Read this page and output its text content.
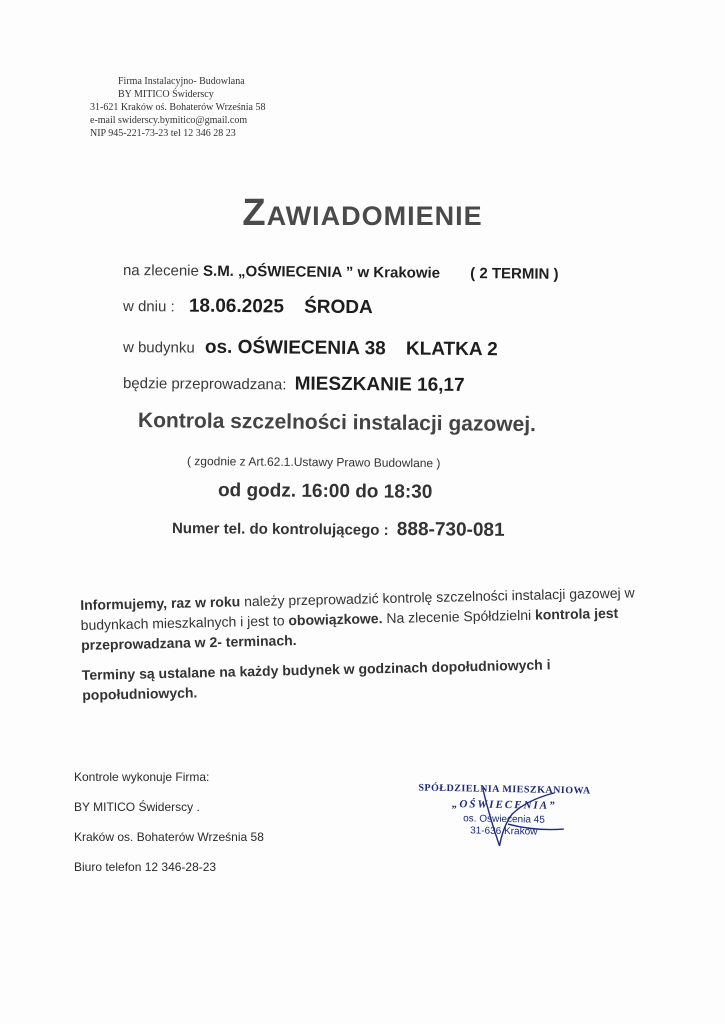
Firma Instalacyjno- Budowlana
BY MITICO Świderscy
31-621 Kraków oś. Bohaterów Września 58
e-mail swiderscy.bymitico@gmail.com
NIP 945-221-73-23 tel 12 346 28 23
Zawiadomienie
na zlecenie S.M. „OŚWIECENIA ” w Krakowie ( 2 TERMIN )
w dniu : 18.06.2025 ŚRODA
w budynku os. OŚWIECENIA 38 KLATKA 2
będzie przeprowadzana: MIESZKANIE 16,17
Kontrola szczelności instalacji gazowej.
( zgodnie z Art.62.1.Ustawy Prawo Budowlane )
od godz. 16:00 do 18:30
Numer tel. do kontrolującego : 888-730-081
Informujemy, raz w roku należy przeprowadzić kontrolę szczelności instalacji gazowej w budynkach mieszkalnych i jest to obowiązkowe. Na zlecenie Spółdzielni kontrola jest przeprowadzana w 2- terminach.
Terminy są ustalane na każdy budynek w godzinach dopołudniowych i popołudniowych.
Kontrole wykonuje Firma:
BY MITICO Świderscy .
Kraków os. Bohaterów Września 58
Biuro telefon 12 346-28-23
SPÓŁDZIELNIA MIESZKANIOWA
„OŚWIECENIA”
os. Oświecenia 45
31-636 Kraków
